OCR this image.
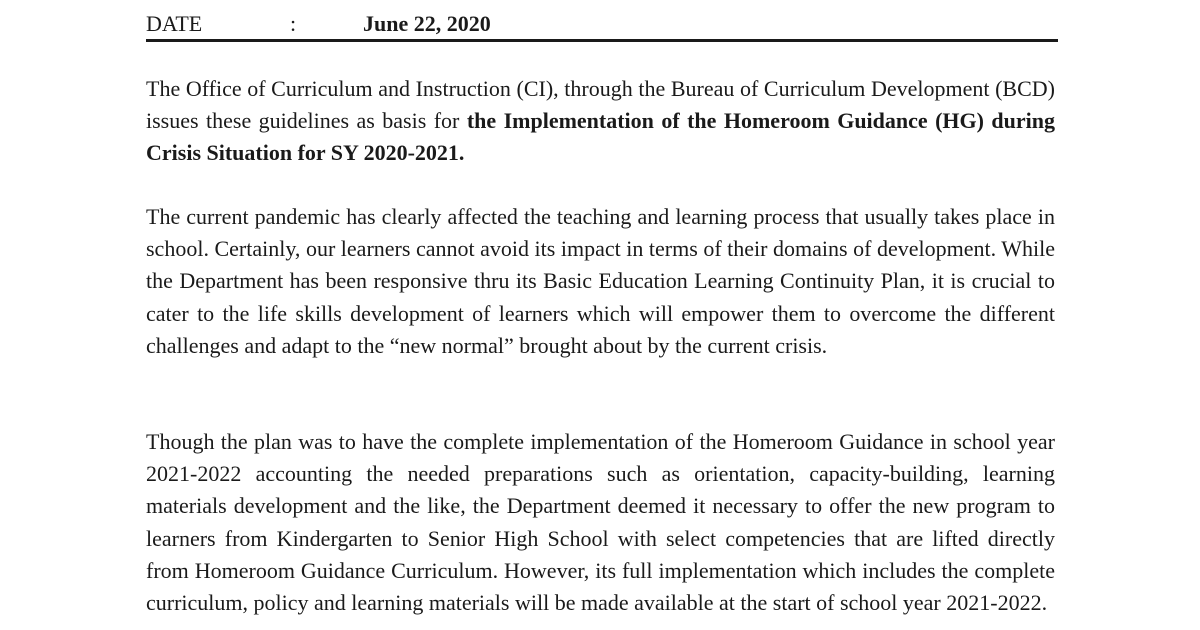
DATE	:	June 22, 2020

The Office of Curriculum and Instruction (CI), through the Bureau of Curriculum Development (BCD) issues these guidelines as basis for the Implementation of the Homeroom Guidance (HG) during Crisis Situation for SY 2020-2021.

The current pandemic has clearly affected the teaching and learning process that usually takes place in school. Certainly, our learners cannot avoid its impact in terms of their domains of development. While the Department has been responsive thru its Basic Education Learning Continuity Plan, it is crucial to cater to the life skills development of learners which will empower them to overcome the different challenges and adapt to the “new normal” brought about by the current crisis.

Though the plan was to have the complete implementation of the Homeroom Guidance in school year 2021-2022 accounting the needed preparations such as orientation, capacity-building, learning materials development and the like, the Department deemed it necessary to offer the new program to learners from Kindergarten to Senior High School with select competencies that are lifted directly from Homeroom Guidance Curriculum. However, its full implementation which includes the complete curriculum, policy and learning materials will be made available at the start of school year 2021-2022.
